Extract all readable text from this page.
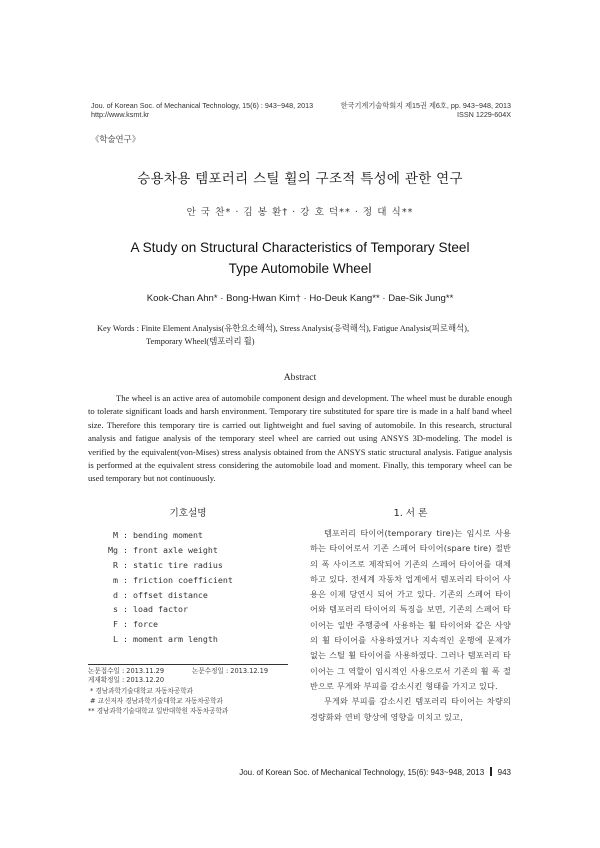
Jou. of Korean Soc. of Mechanical Technology, 15(6) : 943~948, 2013
http://www.ksmt.kr
한국기계기술학회지 제15권 제6호, pp. 943~948, 2013
ISSN 1229-604X
《학술연구》
승용차용 템포러리 스틸 휠의 구조적 특성에 관한 연구
안 국 찬* · 김 봉 환† · 강 호 덕** · 정 대 식**
A Study on Structural Characteristics of Temporary Steel
Type Automobile Wheel
Kook-Chan Ahn* · Bong-Hwan Kim† · Ho-Deuk Kang** · Dae-Sik Jung**
Key Words : Finite Element Analysis(유한요소해석), Stress Analysis(응력해석), Fatigue Analysis(피로해석),
Temporary Wheel(템포러리 휠)
Abstract
The wheel is an active area of automobile component design and development. The wheel must be durable enough to tolerate significant loads and harsh environment. Temporary tire substituted for spare tire is made in a half band wheel size. Therefore this temporary tire is carried out lightweight and fuel saving of automobile. In this research, structural analysis and fatigue analysis of the temporary steel wheel are carried out using ANSYS 3D-modeling. The model is verified by the equivalent(von-Mises) stress analysis obtained from the ANSYS static structural analysis. Fatigue analysis is performed at the equivalent stress considering the automobile load and moment. Finally, this temporary wheel can be used temporary but not continuously.
기호설명
M : bending moment
Mg : front axle weight
R : static tire radius
m : friction coefficient
d : offset distance
s : load factor
F : force
L : moment arm length
논문접수일 : 2013.11.29	논문수정일 : 2013.12.19
게재확정일 : 2013.12.20
* 경남과학기술대학교 자동차공학과
# 교신저자 경남과학기술대학교 자동차공학과
** 경남과학기술대학교 일반대학원 자동차공학과
1. 서 론

템포러리 타이어(temporary tire)는 임시로 사용하는 타이어로서 기존 스페어 타이어(spare tire) 절반의 폭 사이즈로 제작되어 기존의 스페어 타이어를 대체하고 있다. 전세계 자동차 업계에서 템포러리 타이어 사용은 이제 당연시 되어 가고 있다. 기존의 스페어 타이어와 템포러리 타이어의 특징을 보면, 기존의 스페어 타이어는 일반 주행중에 사용하는 휠 타이어와 같은 사양의 휠 타이어를 사용하였거나 지속적인 운행에 문제가 없는 스틸 휠 타이어를 사용하였다. 그러나 템포러리 타이어는 그 역할이 임시적인 사용으로서 기존의 휠 폭 절반으로 무게와 부피를 감소시킨 형태를 가지고 있다.

무게와 부피를 감소시킨 템포러리 타이어는 차량의 경량화와 연비 향상에 영향을 미치고 있고,

Jou. of Korean Soc. of Mechanical Technology, 15(6): 943~948, 2013 943
